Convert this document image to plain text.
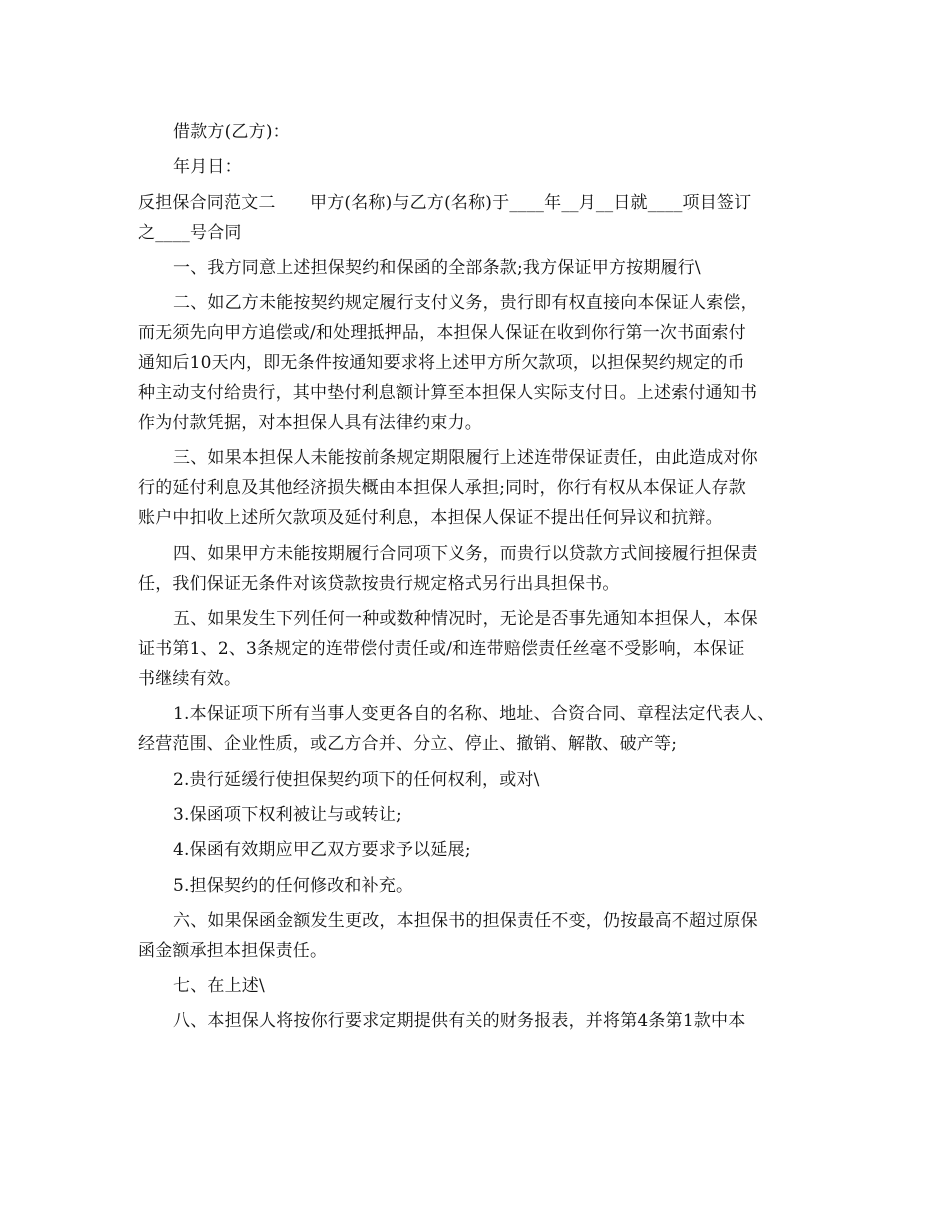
借款方(乙方)：
年月日：
反担保合同范文二　　甲方(名称)与乙方(名称)于____年__月__日就____项目签订
之____号合同
一、我方同意上述担保契约和保函的全部条款;我方保证甲方按期履行\
二、如乙方未能按契约规定履行支付义务，贵行即有权直接向本保证人索偿，
而无须先向甲方追偿或/和处理抵押品，本担保人保证在收到你行第一次书面索付
通知后10天内，即无条件按通知要求将上述甲方所欠款项，以担保契约规定的币
种主动支付给贵行，其中垫付利息额计算至本担保人实际支付日。上述索付通知书
作为付款凭据，对本担保人具有法律约束力。
三、如果本担保人未能按前条规定期限履行上述连带保证责任，由此造成对你
行的延付利息及其他经济损失概由本担保人承担;同时，你行有权从本保证人存款
账户中扣收上述所欠款项及延付利息，本担保人保证不提出任何异议和抗辩。
四、如果甲方未能按期履行合同项下义务，而贵行以贷款方式间接履行担保责
任，我们保证无条件对该贷款按贵行规定格式另行出具担保书。
五、如果发生下列任何一种或数种情况时，无论是否事先通知本担保人，本保
证书第1、2、3条规定的连带偿付责任或/和连带赔偿责任丝毫不受影响，本保证
书继续有效。
1.本保证项下所有当事人变更各自的名称、地址、合资合同、章程法定代表人、
经营范围、企业性质，或乙方合并、分立、停止、撤销、解散、破产等;
2.贵行延缓行使担保契约项下的任何权利，或对\
3.保函项下权利被让与或转让;
4.保函有效期应甲乙双方要求予以延展;
5.担保契约的任何修改和补充。
六、如果保函金额发生更改，本担保书的担保责任不变，仍按最高不超过原保
函金额承担本担保责任。
七、在上述\
八、本担保人将按你行要求定期提供有关的财务报表，并将第4条第1款中本
